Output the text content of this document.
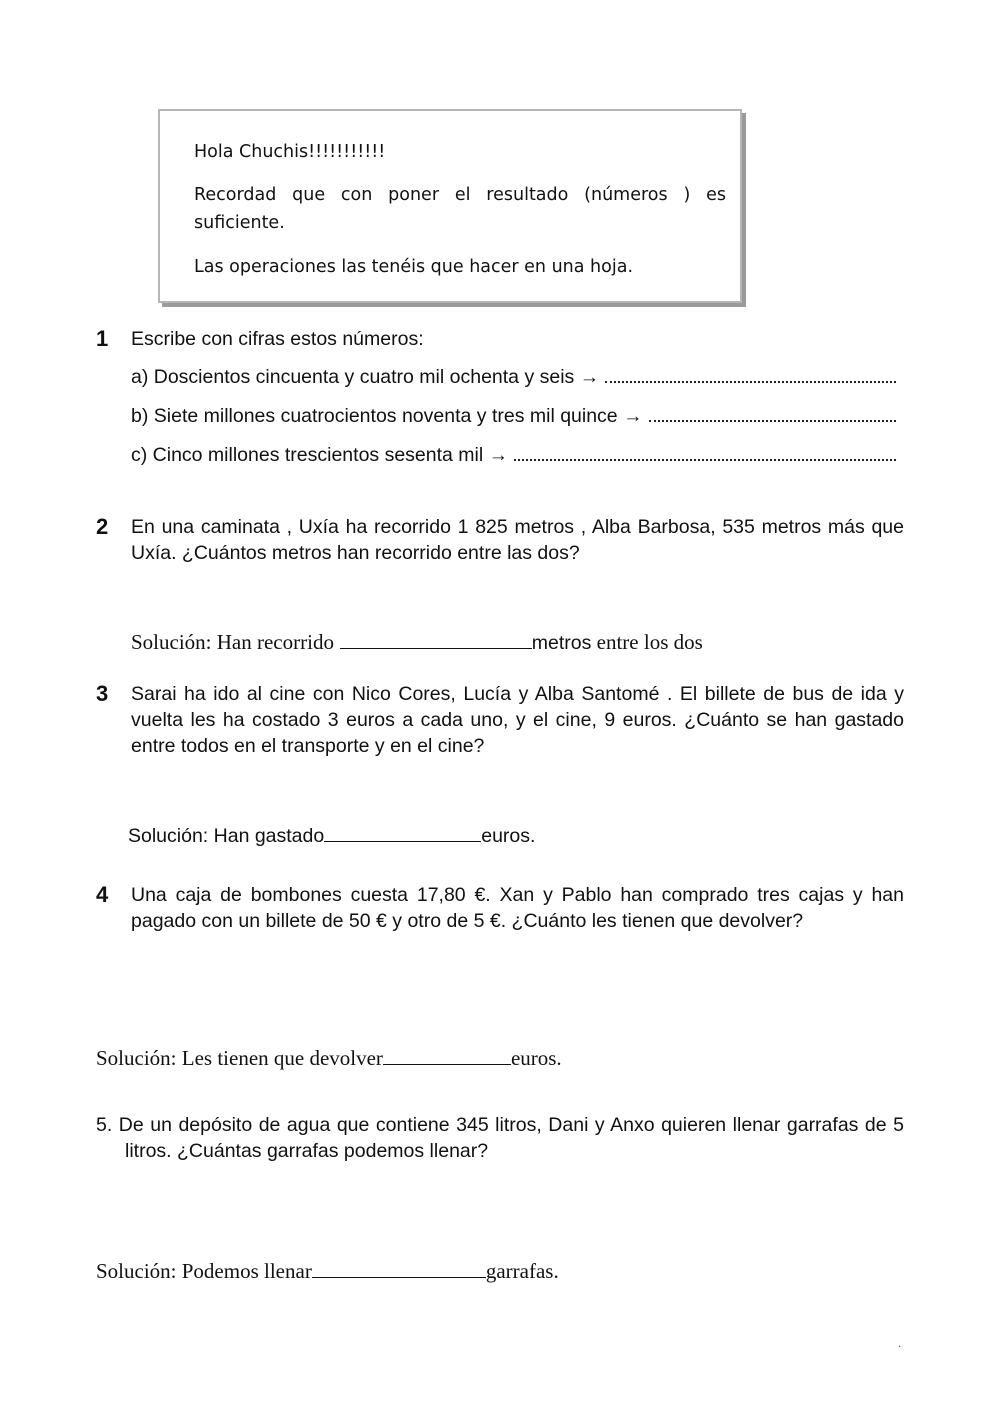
Hola Chuchis!!!!!!!!!!!
Recordad que con poner el resultado (números ) es suficiente.
Las operaciones las tenéis que hacer en una hoja.
1 Escribe con cifras estos números:
a) Doscientos cincuenta y cuatro mil ochenta y seis →
b) Siete millones cuatrocientos noventa y tres mil quince →
c) Cinco millones trescientos sesenta mil →
2 En una caminata , Uxía ha recorrido 1 825 metros , Alba Barbosa, 535 metros más que Uxía. ¿Cuántos metros han recorrido entre las dos?
Solución: Han recorrido	metros entre los dos
3 Sarai ha ido al cine con Nico Cores, Lucía y Alba Santomé . El billete de bus de ida y vuelta les ha costado 3 euros a cada uno, y el cine, 9 euros. ¿Cuánto se han gastado entre todos en el transporte y en el cine?
Solución: Han gastado	euros.
4 Una caja de bombones cuesta 17,80 €. Xan y Pablo han comprado tres cajas y han pagado con un billete de 50 € y otro de 5 €. ¿Cuánto les tienen que devolver?
Solución: Les tienen que devolver	euros.
5. De un depósito de agua que contiene 345 litros, Dani y Anxo quieren llenar garrafas de 5 litros. ¿Cuántas garrafas podemos llenar?
Solución: Podemos llenar	garrafas.
.
